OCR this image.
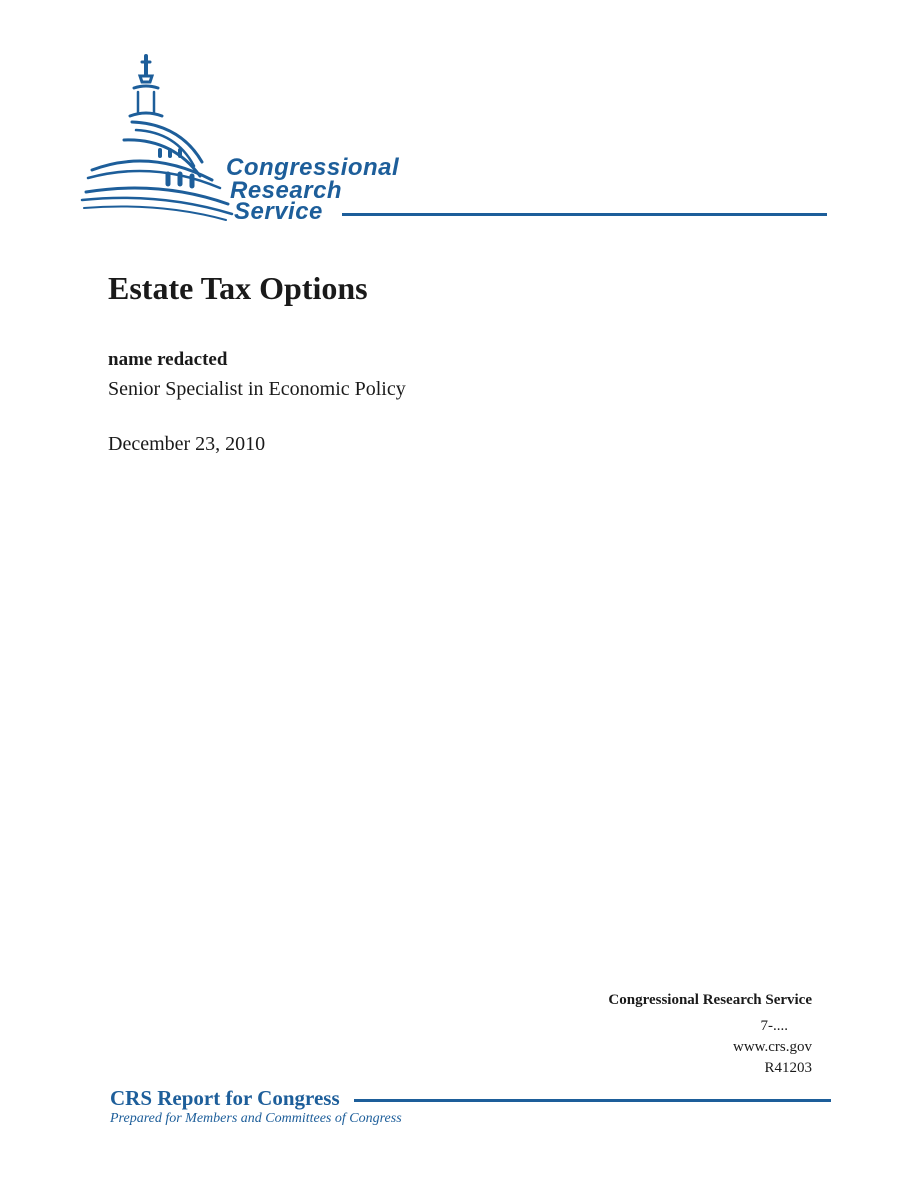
Congressional
Research
Service
Estate Tax Options
name redacted
Senior Specialist in Economic Policy
December 23, 2010
Congressional Research Service
7-....
www.crs.gov
R41203
CRS Report for Congress
Prepared for Members and Committees of Congress
